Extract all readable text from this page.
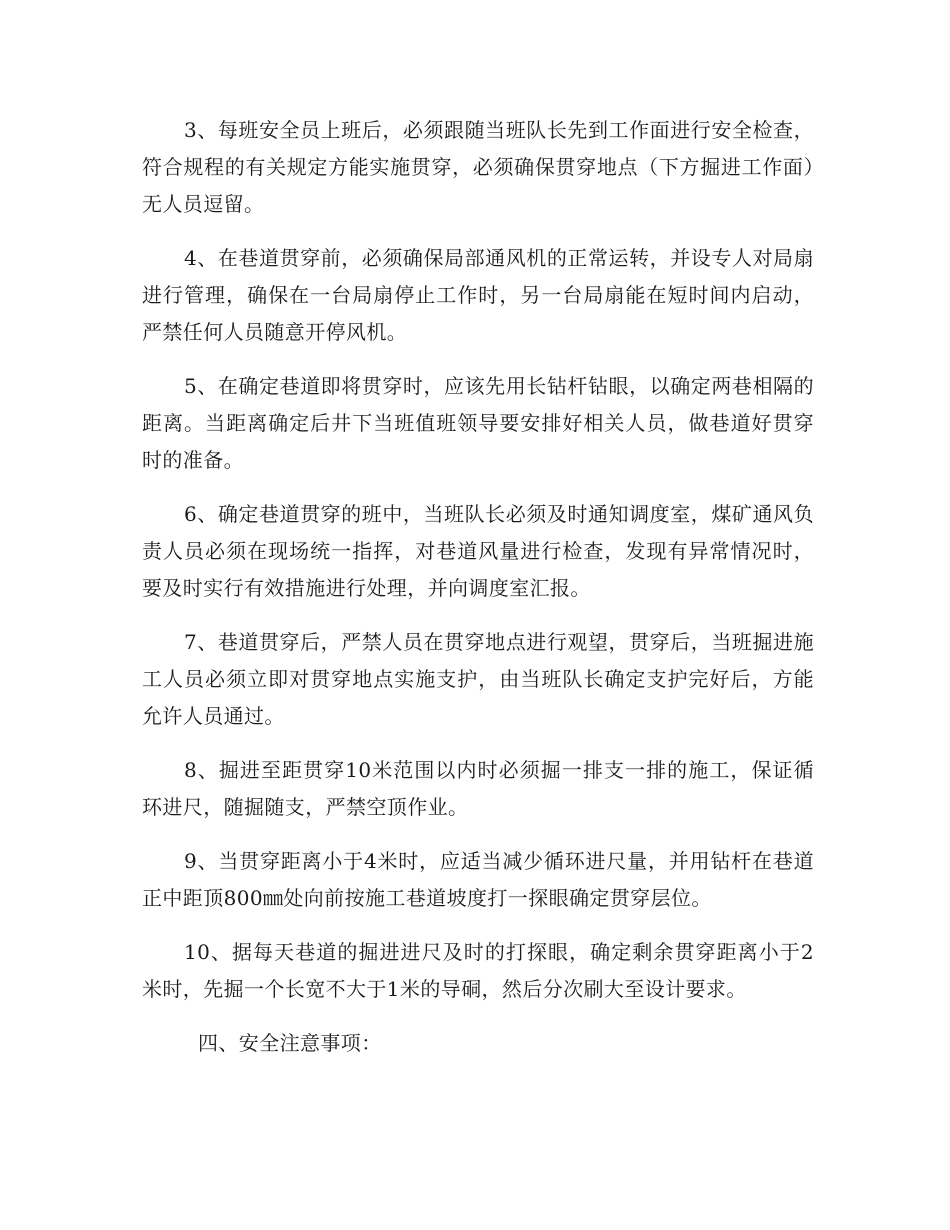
3、每班安全员上班后，必须跟随当班队长先到工作面进行安全检查，符合规程的有关规定方能实施贯穿，必须确保贯穿地点（下方掘进工作面）无人员逗留。

4、在巷道贯穿前，必须确保局部通风机的正常运转，并设专人对局扇进行管理，确保在一台局扇停止工作时，另一台局扇能在短时间内启动，严禁任何人员随意开停风机。

5、在确定巷道即将贯穿时，应该先用长钻杆钻眼，以确定两巷相隔的距离。当距离确定后井下当班值班领导要安排好相关人员，做巷道好贯穿时的准备。

6、确定巷道贯穿的班中，当班队长必须及时通知调度室，煤矿通风负责人员必须在现场统一指挥，对巷道风量进行检查，发现有异常情况时，要及时实行有效措施进行处理，并向调度室汇报。

7、巷道贯穿后，严禁人员在贯穿地点进行观望，贯穿后，当班掘进施工人员必须立即对贯穿地点实施支护，由当班队长确定支护完好后，方能允许人员通过。

8、掘进至距贯穿10米范围以内时必须掘一排支一排的施工，保证循环进尺，随掘随支，严禁空顶作业。

9、当贯穿距离小于4米时，应适当减少循环进尺量，并用钻杆在巷道正中距顶800㎜处向前按施工巷道坡度打一探眼确定贯穿层位。

10、据每天巷道的掘进进尺及时的打探眼，确定剩余贯穿距离小于2米时，先掘一个长宽不大于1米的导硐，然后分次刷大至设计要求。

四、安全注意事项：
